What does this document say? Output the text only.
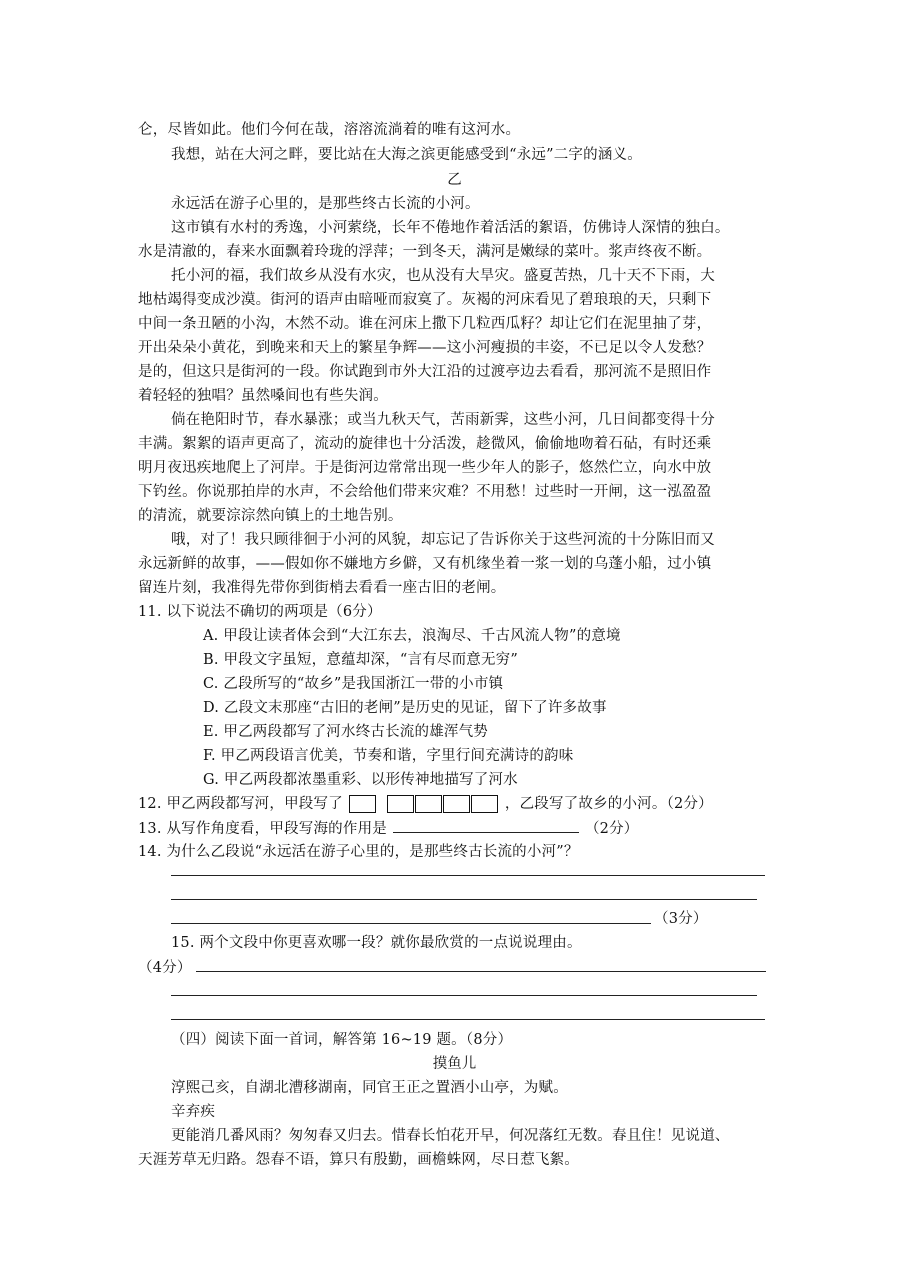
仑，尽皆如此。他们今何在哉，溶溶流淌着的唯有这河水。
我想，站在大河之畔，要比站在大海之滨更能感受到“永远”二字的涵义。
乙
永远活在游子心里的，是那些终古长流的小河。
这市镇有水村的秀逸，小河萦绕，长年不倦地作着活活的絮语，仿佛诗人深情的独白。
水是清澈的，春来水面飘着玲珑的浮萍；一到冬天，满河是嫩绿的菜叶。浆声终夜不断。
托小河的福，我们故乡从没有水灾，也从没有大旱灾。盛夏苦热，几十天不下雨，大
地枯竭得变成沙漠。街河的语声由暗哑而寂寞了。灰褐的河床看见了碧琅琅的天，只剩下
中间一条丑陋的小沟，木然不动。谁在河床上撒下几粒西瓜籽？却让它们在泥里抽了芽，
开出朵朵小黄花，到晚来和天上的繁星争辉——这小河瘦损的丰姿，不已足以令人发愁？
是的，但这只是街河的一段。你试跑到市外大江沿的过渡亭边去看看，那河流不是照旧作
着轻轻的独唱？虽然嗓间也有些失润。
倘在艳阳时节，春水暴涨；或当九秋天气，苦雨新霁，这些小河，几日间都变得十分
丰满。絮絮的语声更高了，流动的旋律也十分活泼，趁微风，偷偷地吻着石砧，有时还乘
明月夜迅疾地爬上了河岸。于是街河边常常出现一些少年人的影子，悠然伫立，向水中放
下钓丝。你说那拍岸的水声，不会给他们带来灾难？不用愁！过些时一开闸，这一泓盈盈
的清流，就要淙淙然向镇上的土地告别。
哦，对了！我只顾徘徊于小河的风貌，却忘记了告诉你关于这些河流的十分陈旧而又
永远新鲜的故事，——假如你不嫌地方乡僻，又有机缘坐着一浆一划的乌蓬小船，过小镇
留连片刻，我准得先带你到街梢去看看一座古旧的老闸。
11. 以下说法不确切的两项是（6分）
A. 甲段让读者体会到“大江东去，浪淘尽、千古风流人物”的意境
B. 甲段文字虽短，意蕴却深，“言有尽而意无穷”
C. 乙段所写的“故乡”是我国浙江一带的小市镇
D. 乙段文末那座“古旧的老闸”是历史的见证，留下了许多故事
E. 甲乙两段都写了河水终古长流的雄浑气势
F. 甲乙两段语言优美，节奏和谐，字里行间充满诗的韵味
G. 甲乙两段都浓墨重彩、以形传神地描写了河水
12. 甲乙两段都写河，甲段写了	，乙段写了故乡的小河。（2分）
13. 从写作角度看，甲段写海的作用是	（2分）
14. 为什么乙段说“永远活在游子心里的，是那些终古长流的小河”？
（3分）
15. 两个文段中你更喜欢哪一段？就你最欣赏的一点说说理由。
（4分）
（四）阅读下面一首词，解答第 16~19 题。（8分）
摸鱼儿
淳熙己亥，自湖北漕移湖南，同官王正之置酒小山亭，为赋。
辛弃疾
更能消几番风雨？匆匆春又归去。惜春长怕花开早，何况落红无数。春且住！见说道、
天涯芳草无归路。怨春不语，算只有殷勤，画檐蛛网，尽日惹飞絮。
